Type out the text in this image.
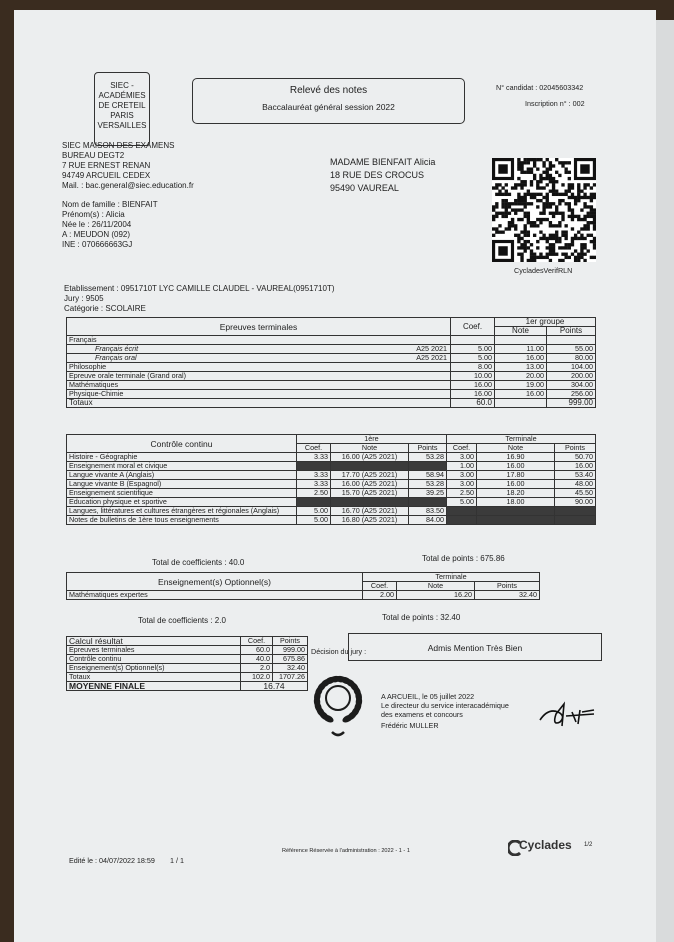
SIEC -
ACADÉMIES
DE CRETEIL
PARIS
VERSAILLES
Relevé des notes
Baccalauréat général session 2022
N° candidat : 02045603342
Inscription n° : 002
SIEC MAISON DES EXAMENS
BUREAU DEGT2
7 RUE ERNEST RENAN
94749 ARCUEIL CEDEX
Mail. : bac.general@siec.education.fr
MADAME BIENFAIT Alicia
18 RUE DES CROCUS
95490 VAUREAL
CycladesVerifRLN
Nom de famille : BIENFAIT
Prénom(s) : Alicia
Née le : 26/11/2004
A : MEUDON (092)
INE : 070666663GJ
Etablissement : 0951710T LYC CAMILLE CLAUDEL - VAUREAL(0951710T)
Jury : 9505
Catégorie : SCOLAIRE
Epreuves terminales	Coef.	1er groupe	
		Note	Points
Français

Français écrit A25 2021	5.00	11.00	55.00
Français oral A25 2021	5.00	16.00	80.00
Philosophie	8.00	13.00	104.00
Epreuve orale terminale (Grand oral)	10.00	20.00	200.00
Mathématiques	16.00	19.00	304.00
Physique-Chimie	16.00	16.00	256.00
Totaux	60.0		999.00
Contrôle continu	1ère			Terminale		
	Coef.	Note	Points	Coef.	Note	Points
Histoire - Géographie	3.33	16.00 (A25 2021)	53.28	3.00	16.90	50.70
Enseignement moral et civique				1.00	16.00	16.00
Langue vivante A (Anglais)	3.33	17.70 (A25 2021)	58.94	3.00	17.80	53.40
Langue vivante B (Espagnol)	3.33	16.00 (A25 2021)	53.28	3.00	16.00	48.00
Enseignement scientifique	2.50	15.70 (A25 2021)	39.25	2.50	18.20	45.50
Education physique et sportive				5.00	18.00	90.00
Langues, littératures et cultures étrangères et régionales (Anglais)	5.00	16.70 (A25 2021)	83.50			
Notes de bulletins de 1ère tous enseignements	5.00	16.80 (A25 2021)	84.00			
Total de coefficients : 40.0	Total de points : 675.86
Enseignement(s) Optionnel(s)	Terminale		
	Coef.	Note	Points
Mathématiques expertes	2.00	16.20	32.40
Total de coefficients : 2.0	Total de points : 32.40
Calcul résultat	Coef.	Points
Epreuves terminales	60.0	999.00
Contrôle continu	40.0	675.86
Enseignement(s) Optionnel(s)	2.0	32.40
Totaux	102.0	1707.26
MOYENNE FINALE	16.74	
Décision du jury :	Admis Mention Très Bien
A ARCUEIL, le 05 juillet 2022
Le directeur du service interacadémique
des examens et concours
Frédéric MULLER
Edité le : 04/07/2022 18:59 1 / 1
Référence Réservée à l'administration : 2022 - 1 - 1	Cyclades 1/2
